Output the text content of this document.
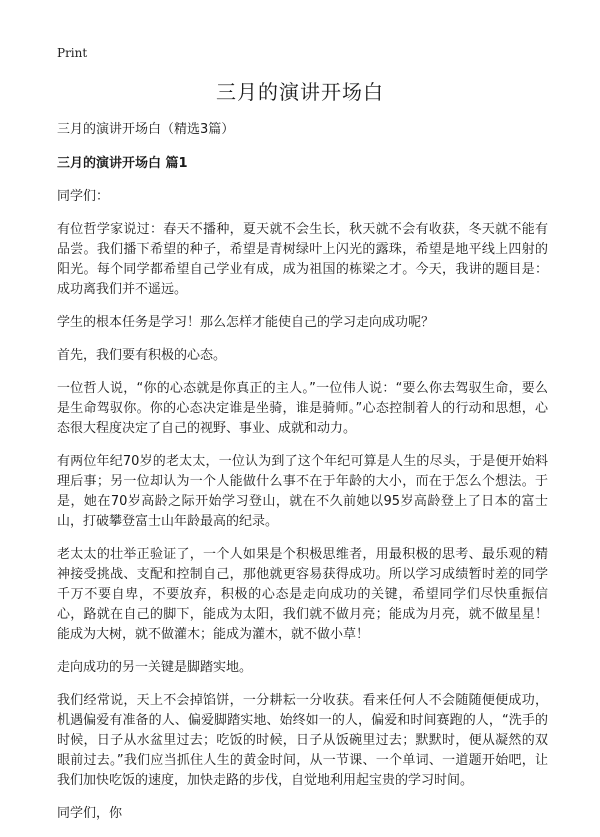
Print
三月的演讲开场白

三月的演讲开场白（精选3篇）

三月的演讲开场白 篇1

同学们：

有位哲学家说过：春天不播种，夏天就不会生长，秋天就不会有收获，冬天就不能有品尝。我们播下希望的种子，希望是青树绿叶上闪光的露珠，希望是地平线上四射的阳光。每个同学都希望自己学业有成，成为祖国的栋梁之才。今天，我讲的题目是：成功离我们并不遥远。

学生的根本任务是学习！那么怎样才能使自己的学习走向成功呢？

首先，我们要有积极的心态。

一位哲人说，“你的心态就是你真正的主人。”一位伟人说：“要么你去驾驭生命，要么是生命驾驭你。你的心态决定谁是坐骑，谁是骑师。”心态控制着人的行动和思想，心态很大程度决定了自己的视野、事业、成就和动力。

有两位年纪70岁的老太太，一位认为到了这个年纪可算是人生的尽头，于是便开始料理后事；另一位却认为一个人能做什么事不在于年龄的大小，而在于怎么个想法。于是，她在70岁高龄之际开始学习登山，就在不久前她以95岁高龄登上了日本的富士山，打破攀登富士山年龄最高的纪录。

老太太的壮举正验证了，一个人如果是个积极思维者，用最积极的思考、最乐观的精神接受挑战、支配和控制自己，那他就更容易获得成功。所以学习成绩暂时差的同学千万不要自卑，不要放弃，积极的心态是走向成功的关键，希望同学们尽快重振信心，路就在自己的脚下，能成为太阳，我们就不做月亮；能成为月亮，就不做星星！能成为大树，就不做灌木；能成为灌木，就不做小草！

走向成功的另一关键是脚踏实地。

我们经常说，天上不会掉馅饼，一分耕耘一分收获。看来任何人不会随随便便成功，机遇偏爱有准备的人、偏爱脚踏实地、始终如一的人，偏爱和时间赛跑的人，“洗手的时候，日子从水盆里过去；吃饭的时候，日子从饭碗里过去；默默时，便从凝然的双眼前过去。”我们应当抓住人生的黄金时间，从一节课、一个单词、一道题开始吧，让我们加快吃饭的速度，加快走路的步伐，自觉地利用起宝贵的学习时间。

同学们，你
